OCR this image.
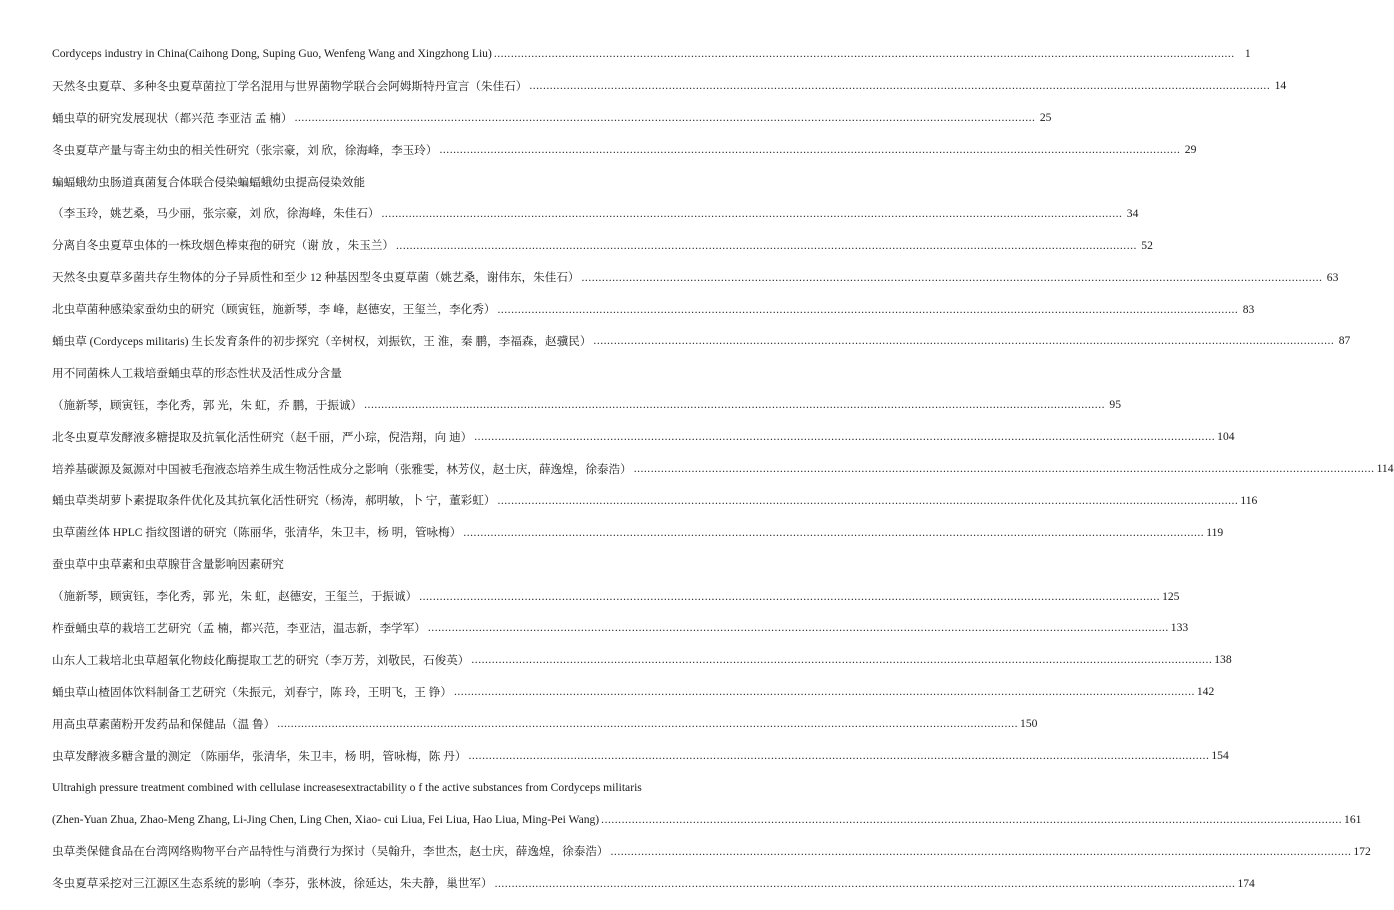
Cordyceps industry in China(Caihong Dong, Suping Guo, Wenfeng Wang and Xingzhong Liu) .....	1
天然冬虫夏草、多种冬虫夏草菌拉丁学名混用与世界菌物学联合会阿姆斯特丹宣言（朱佳石） .....	14
蛹虫草的研究发展现状（都兴范 李亚洁 孟 楠） .....	25
冬虫夏草产量与寄主幼虫的相关性研究（张宗豪，刘 欣，徐海峰，李玉玲） .....	29
蝙蝠蛾幼虫肠道真菌复合体联合侵染蝙蝠蛾幼虫提高侵染效能
（李玉玲，姚艺桑，马少丽，张宗豪，刘 欣，徐海峰，朱佳石） .....	34
分离自冬虫夏草虫体的一株玫烟色棒束孢的研究（谢 放 ，朱玉兰） .....	52
天然冬虫夏草多菌共存生物体的分子异质性和至少 12 种基因型冬虫夏草菌（姚艺桑，谢伟东，朱佳石） .....	63
北虫草菌种感染家蚕幼虫的研究（顾寅钰，施新琴，李 峰，赵德安，王玺兰，李化秀） .....	83
蛹虫草 (Cordyceps militaris) 生长发育条件的初步探究（辛树权，刘振钦，王 淮，秦 鹏，李福森，赵骥民） .....	87
用不同菌株人工栽培蚕蛹虫草的形态性状及活性成分含量
（施新琴，顾寅钰，李化秀，郭 光，朱 虹，乔 鹏，于振诚） .....	95
北冬虫夏草发酵液多糖提取及抗氧化活性研究（赵千丽，严小琮，倪浩翔，向 迪） .....	104
培养基碳源及氮源对中国被毛孢液态培养生成生物活性成分之影响（张雅雯，林芳仪，赵士庆，薛逸煌，徐泰浩） .....	114
蛹虫草类胡萝卜素提取条件优化及其抗氧化活性研究（杨涛，郝明敏，卜 宁，董彩虹） .....	116
虫草菌丝体 HPLC 指纹图谱的研究（陈丽华，张清华，朱卫丰，杨 明，管咏梅） .....	119
蚕虫草中虫草素和虫草腺苷含量影响因素研究
（施新琴，顾寅钰，李化秀，郭 光，朱 虹，赵德安，王玺兰，于振诚） .....	125
柞蚕蛹虫草的栽培工艺研究（孟 楠，都兴范，李亚洁，温志新，李学军） .....	133
山东人工栽培北虫草超氧化物歧化酶提取工艺的研究（李万芳，刘敬民，石俊英） .....	138
蛹虫草山楂固体饮料制备工艺研究（朱振元，刘春宁，陈 玲，王明飞，王 铮） .....	142
用高虫草素菌粉开发药品和保健品（温 鲁） .....	150
虫草发酵液多糖含量的测定 （陈丽华，张清华，朱卫丰，杨 明，管咏梅，陈 丹） .....	154
Ultrahigh pressure treatment combined with cellulase increasesextractability o f the active substances from Cordyceps militaris
(Zhen-Yuan Zhua, Zhao-Meng Zhang, Li-Jing Chen, Ling Chen, Xiao- cui Liua, Fei Liua, Hao Liua, Ming-Pei Wang) .....	161
虫草类保健食品在台湾网络购物平台产品特性与消费行为探讨（吴翰升，李世杰，赵士庆，薛逸煌，徐泰浩） .....	172
冬虫夏草采挖对三江源区生态系统的影响（李芬，张林波，徐延达，朱夫静，巢世军） .....	174
